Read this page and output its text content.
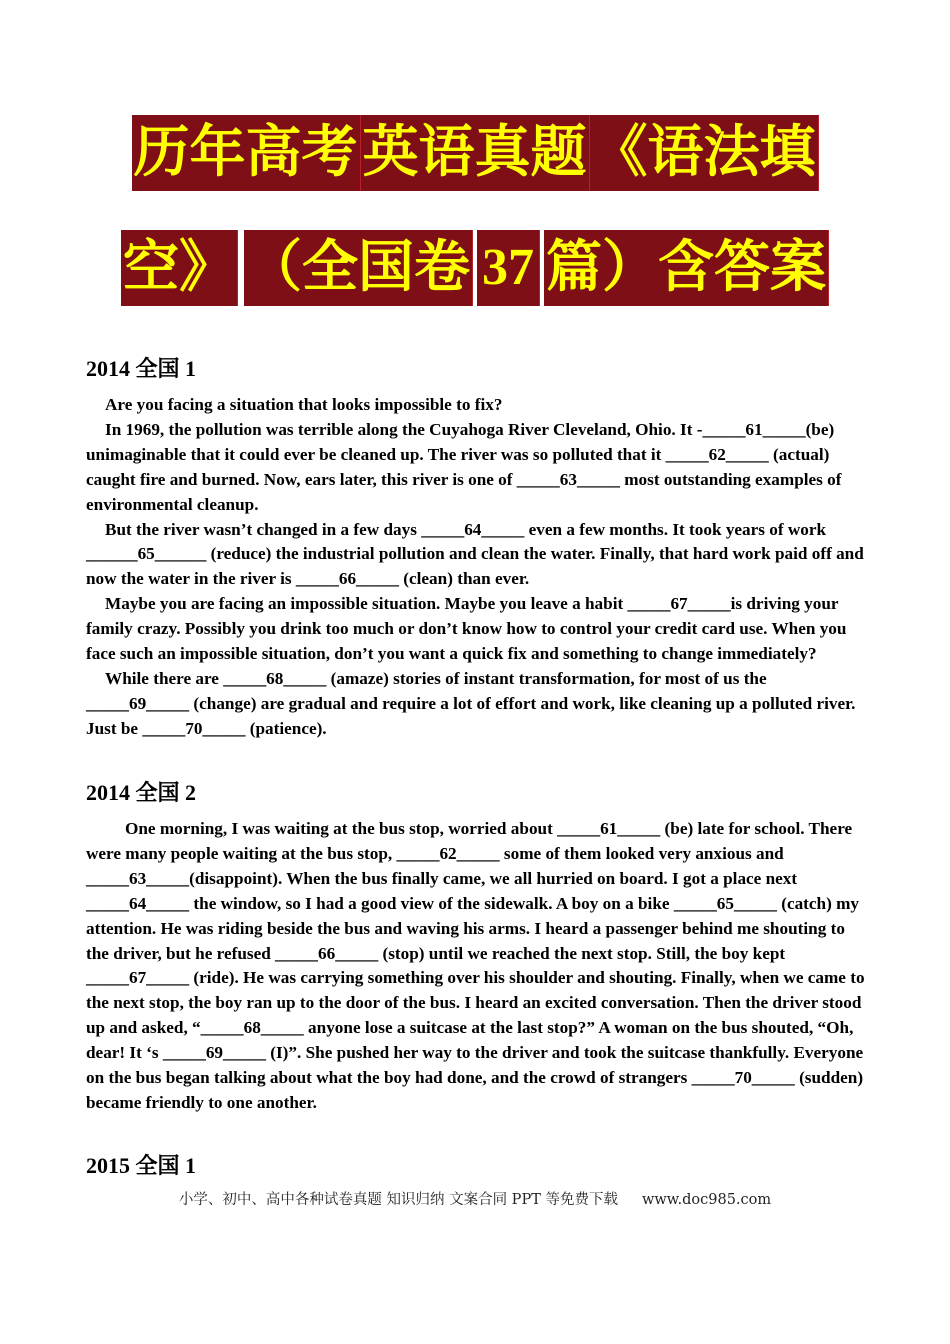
历年高考 英语真题 《语法填
空》 （全国卷 37 篇）含答案
2014 全国 1

Are you facing a situation that looks impossible to fix?

In 1969, the pollution was terrible along the Cuyahoga River Cleveland, Ohio. It -_____61_____(be) unimaginable that it could ever be cleaned up. The river was so polluted that it _____62_____ (actual) caught fire and burned. Now, ears later, this river is one of _____63_____ most outstanding examples of environmental cleanup.

But the river wasn’t changed in a few days _____64_____ even a few months. It took years of work ______65______ (reduce) the industrial pollution and clean the water. Finally, that hard work paid off and now the water in the river is _____66_____ (clean) than ever.

Maybe you are facing an impossible situation. Maybe you leave a habit _____67_____is driving your family crazy. Possibly you drink too much or don’t know how to control your credit card use. When you face such an impossible situation, don’t you want a quick fix and something to change immediately?

While there are _____68_____ (amaze) stories of instant transformation, for most of us the _____69_____ (change) are gradual and require a lot of effort and work, like cleaning up a polluted river. Just be _____70_____ (patience).

2014 全国 2

One morning, I was waiting at the bus stop, worried about _____61_____ (be) late for school. There were many people waiting at the bus stop, _____62_____ some of them looked very anxious and _____63_____(disappoint). When the bus finally came, we all hurried on board. I got a place next _____64_____ the window, so I had a good view of the sidewalk. A boy on a bike _____65_____ (catch) my attention. He was riding beside the bus and waving his arms. I heard a passenger behind me shouting to the driver, but he refused _____66_____ (stop) until we reached the next stop. Still, the boy kept _____67_____ (ride). He was carrying something over his shoulder and shouting. Finally, when we came to the next stop, the boy ran up to the door of the bus. I heard an excited conversation. Then the driver stood up and asked, “_____68_____ anyone lose a suitcase at the last stop?” A woman on the bus shouted, “Oh, dear! It ‘s _____69_____ (I)”. She pushed her way to the driver and took the suitcase thankfully. Everyone on the bus began talking about what the boy had done, and the crowd of strangers _____70_____ (sudden) became friendly to one another.

2015 全国 1
小学、初中、高中各种试卷真题 知识归纳 文案合同 PPT 等免费下载 www.doc985.com
